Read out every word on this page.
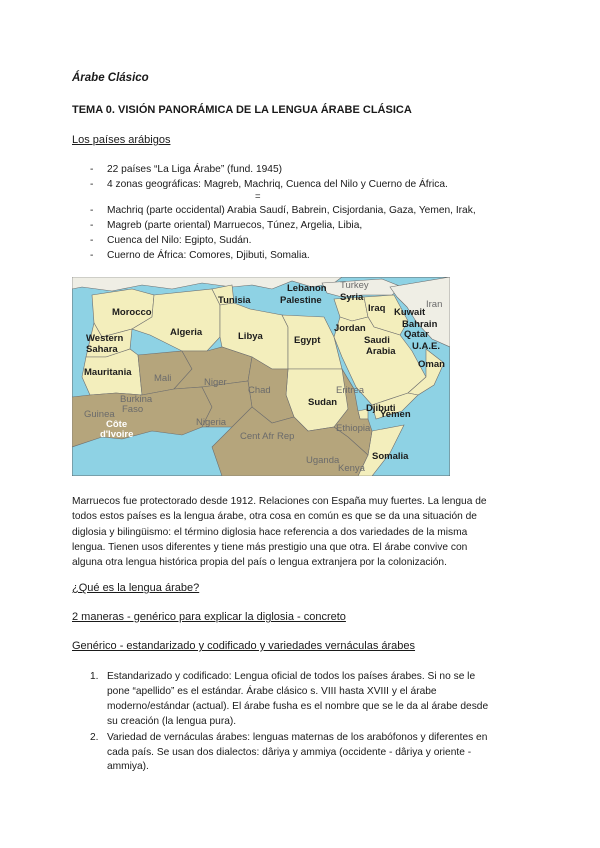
Árabe Clásico
TEMA 0. VISIÓN PANORÁMICA DE LA LENGUA ÁRABE CLÁSICA
Los países arábigos
- 22 países “La Liga Árabe” (fund. 1945)
- 4 zonas geográficas: Magreb, Machriq, Cuenca del Nilo y Cuerno de África.
=
- Machriq (parte occidental) Arabia Saudí, Babrein, Cisjordania, Gaza, Yemen, Irak,
- Magreb (parte oriental) Marruecos, Túnez, Argelia, Libia,
- Cuenca del Nilo: Egipto, Sudán.
- Cuerno de África: Comores, Djibuti, Somalia.
Turkey
Lebanon
Palestine Syria
Tunisia
Iraq	Iran
Morocco	Kuwait
Bahrain
Qatar
Jordan
Algeria	Libya	Egypt	Saudi
Arabia U.A.E.
Western
Sahara
Oman
Mauritania
Mali	Niger
Chad	Eritrea
Yemen
Sudan
Djibuti
Nigeria
Ethiopia
Burkina
Faso
Guinea
Côte
d'Ivoire	Cent Afr Rep
Somalia
Uganda
Kenya
Marruecos fue protectorado desde 1912. Relaciones con España muy fuertes. La lengua de
todos estos países es la lengua árabe, otra cosa en común es que se da una situación de
diglosia y bilingüismo: el término diglosia hace referencia a dos variedades de la misma
lengua. Tienen usos diferentes y tiene más prestigio una que otra. El árabe convive con
alguna otra lengua histórica propia del país o lengua extranjera por la colonización.
¿Qué es la lengua árabe?
2 maneras - genérico para explicar la diglosia - concreto
Genérico - estandarizado y codificado y variedades vernáculas árabes
1. Estandarizado y codificado: Lengua oficial de todos los países árabes. Si no se le
pone “apellido” es el estándar. Árabe clásico s. VIII hasta XVIII y el árabe
moderno/estándar (actual). El árabe fusha es el nombre que se le da al árabe desde
su creación (la lengua pura).
2. Variedad de vernáculas árabes: lenguas maternas de los arabófonos y diferentes en
cada país. Se usan dos dialectos: dâriya y ammiya (occidente - dâriya y oriente -
ammiya).
